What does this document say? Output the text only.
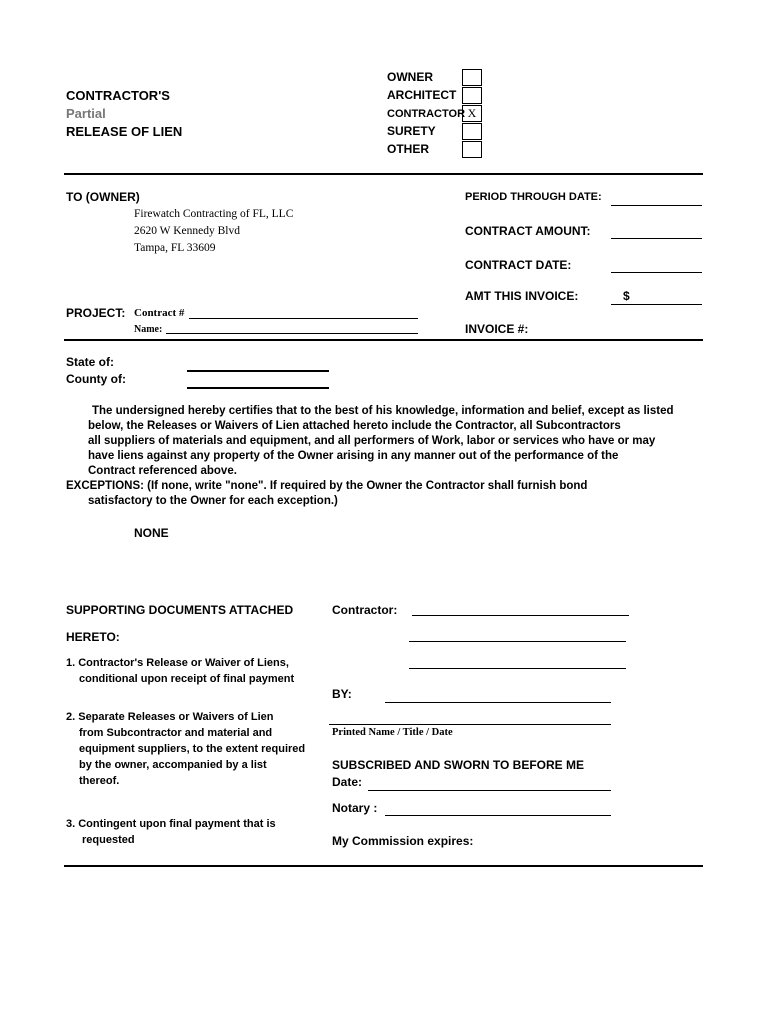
CONTRACTOR'S
Partial
RELEASE OF LIEN
OWNER
ARCHITECT
CONTRACTOR X
SURETY
OTHER
TO (OWNER)
Firewatch Contracting of FL, LLC
2620 W Kennedy Blvd
Tampa, FL 33609
PERIOD THROUGH DATE:
CONTRACT AMOUNT:
CONTRACT DATE:
AMT THIS INVOICE:	$
INVOICE #:
PROJECT: Contract #
Name:
State of:
County of:
The undersigned hereby certifies that to the best of his knowledge, information and belief, except as listed
below, the Releases or Waivers of Lien attached hereto include the Contractor, all Subcontractors
all suppliers of materials and equipment, and all performers of Work, labor or services who have or may
have liens against any property of the Owner arising in any manner out of the performance of the
Contract referenced above.
EXCEPTIONS: (If none, write "none". If required by the Owner the Contractor shall furnish bond
satisfactory to the Owner for each exception.)
NONE
SUPPORTING DOCUMENTS ATTACHED
HERETO:
1. Contractor's Release or Waiver of Liens,
conditional upon receipt of final payment
2. Separate Releases or Waivers of Lien
from Subcontractor and material and
equipment suppliers, to the extent required
by the owner, accompanied by a list
thereof.
3. Contingent upon final payment that is
requested
Contractor:
BY:
Printed Name / Title / Date
SUBSCRIBED AND SWORN TO BEFORE ME
Date:
Notary :
My Commission expires:
